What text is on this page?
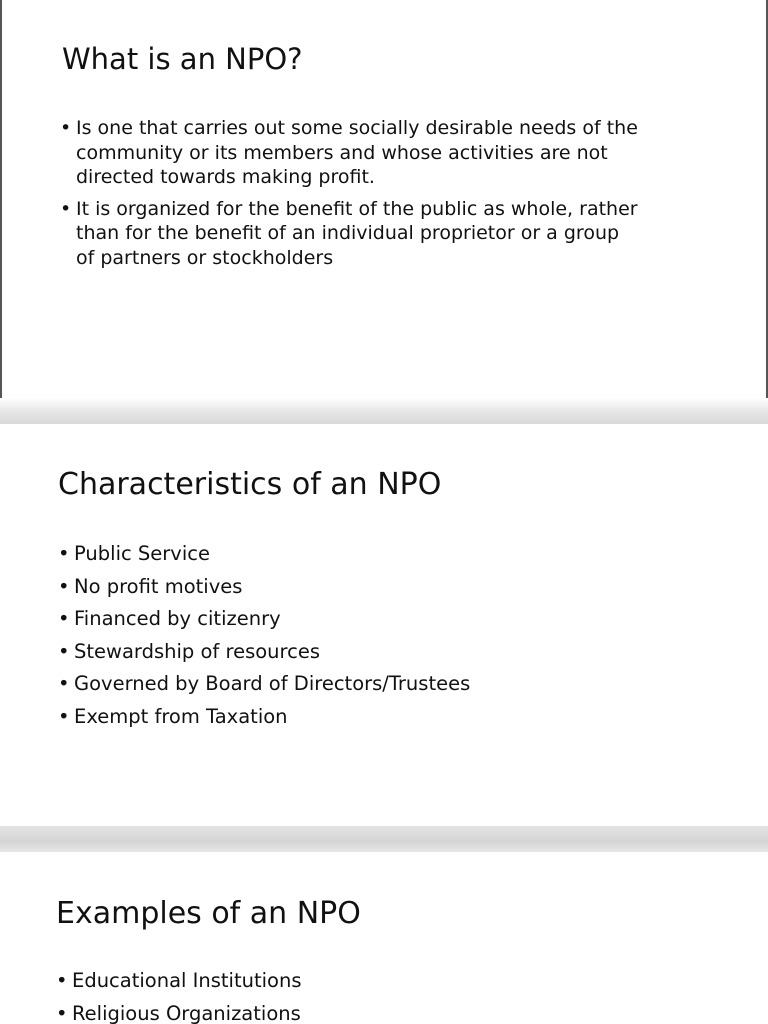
What is an NPO?
• Is one that carries out some socially desirable needs of the
community or its members and whose activities are not
directed towards making profit.
• It is organized for the benefit of the public as whole, rather
than for the benefit of an individual proprietor or a group
of partners or stockholders
Characteristics of an NPO
• Public Service
• No profit motives
• Financed by citizenry
• Stewardship of resources
• Governed by Board of Directors/Trustees
• Exempt from Taxation
Examples of an NPO
• Educational Institutions
• Religious Organizations
